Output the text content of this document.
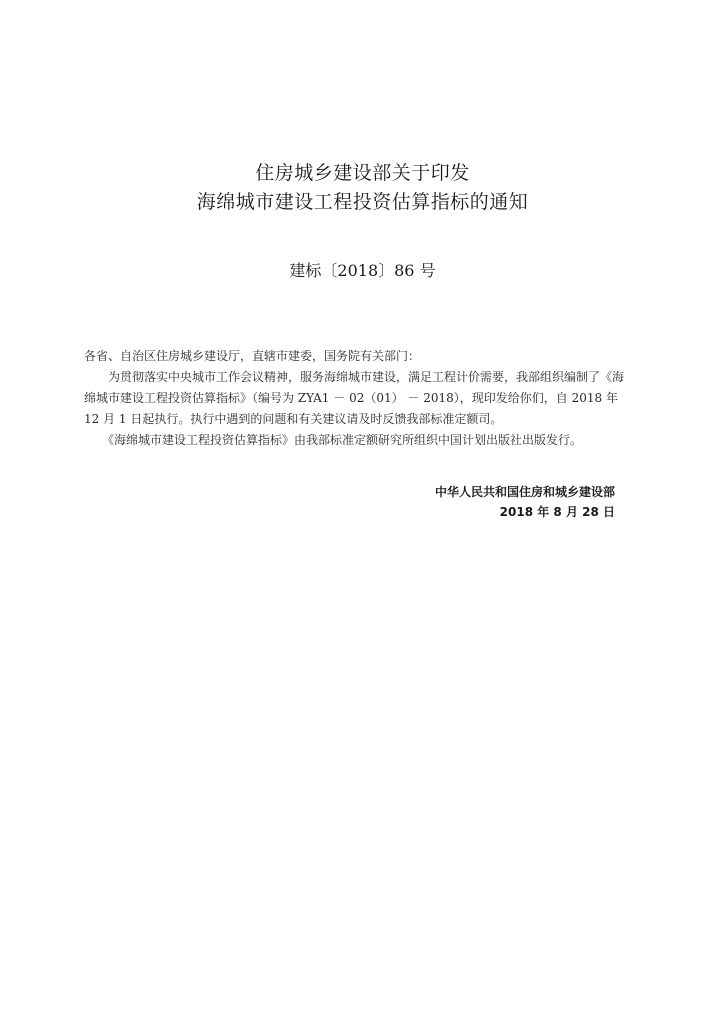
住房城乡建设部关于印发
海绵城市建设工程投资估算指标的通知
建标〔2018〕86 号
各省、自治区住房城乡建设厅，直辖市建委，国务院有关部门：
为贯彻落实中央城市工作会议精神，服务海绵城市建设，满足工程计价需要，我部组织编制了《海绵城市建设工程投资估算指标》（编号为 ZYA1 － 02（01） － 2018），现印发给你们，自 2018 年 12 月 1 日起执行。执行中遇到的问题和有关建议请及时反馈我部标准定额司。
《海绵城市建设工程投资估算指标》由我部标准定额研究所组织中国计划出版社出版发行。
中华人民共和国住房和城乡建设部
2018 年 8 月 28 日
